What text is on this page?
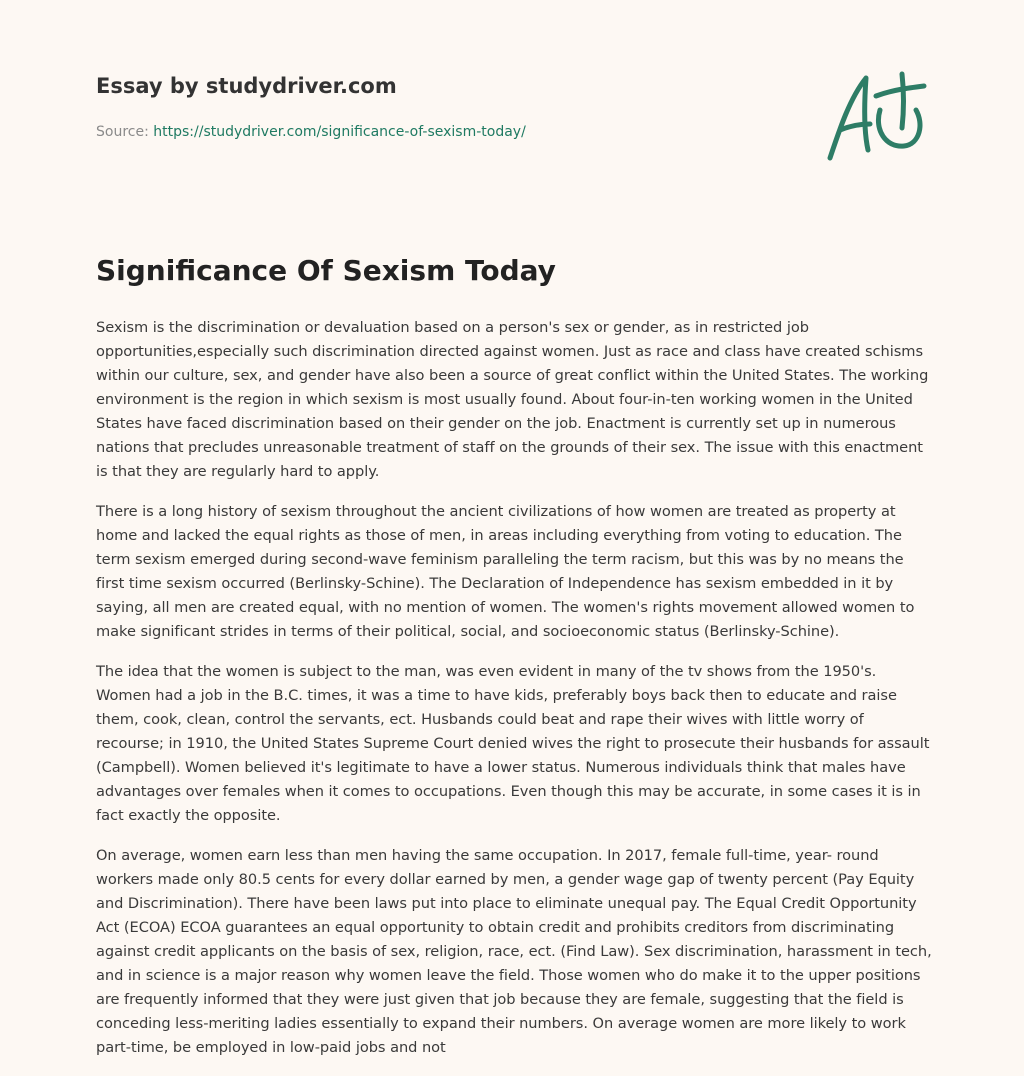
Essay by studydriver.com
Source: https://studydriver.com/significance-of-sexism-today/
Significance Of Sexism Today

Sexism is the discrimination or devaluation based on a person's sex or gender, as in restricted job opportunities,especially such discrimination directed against women. Just as race and class have created schisms within our culture, sex, and gender have also been a source of great conflict within the United States. The working environment is the region in which sexism is most usually found. About four-in-ten working women in the United States have faced discrimination based on their gender on the job. Enactment is currently set up in numerous nations that precludes unreasonable treatment of staff on the grounds of their sex. The issue with this enactment is that they are regularly hard to apply.

There is a long history of sexism throughout the ancient civilizations of how women are treated as property at home and lacked the equal rights as those of men, in areas including everything from voting to education. The term sexism emerged during second-wave feminism paralleling the term racism, but this was by no means the first time sexism occurred (Berlinsky-Schine). The Declaration of Independence has sexism embedded in it by saying, all men are created equal, with no mention of women. The women's rights movement allowed women to make significant strides in terms of their political, social, and socioeconomic status (Berlinsky-Schine).

The idea that the women is subject to the man, was even evident in many of the tv shows from the 1950's. Women had a job in the B.C. times, it was a time to have kids, preferably boys back then to educate and raise them, cook, clean, control the servants, ect. Husbands could beat and rape their wives with little worry of recourse; in 1910, the United States Supreme Court denied wives the right to prosecute their husbands for assault (Campbell). Women believed it's legitimate to have a lower status. Numerous individuals think that males have advantages over females when it comes to occupations. Even though this may be accurate, in some cases it is in fact exactly the opposite.

On average, women earn less than men having the same occupation. In 2017, female full-time, year- round workers made only 80.5 cents for every dollar earned by men, a gender wage gap of twenty percent (Pay Equity and Discrimination). There have been laws put into place to eliminate unequal pay. The Equal Credit Opportunity Act (ECOA) ECOA guarantees an equal opportunity to obtain credit and prohibits creditors from discriminating against credit applicants on the basis of sex, religion, race, ect. (Find Law). Sex discrimination, harassment in tech, and in science is a major reason why women leave the field. Those women who do make it to the upper positions are frequently informed that they were just given that job because they are female, suggesting that the field is conceding less-meriting ladies essentially to expand their numbers. On average women are more likely to work part-time, be employed in low-paid jobs and not
